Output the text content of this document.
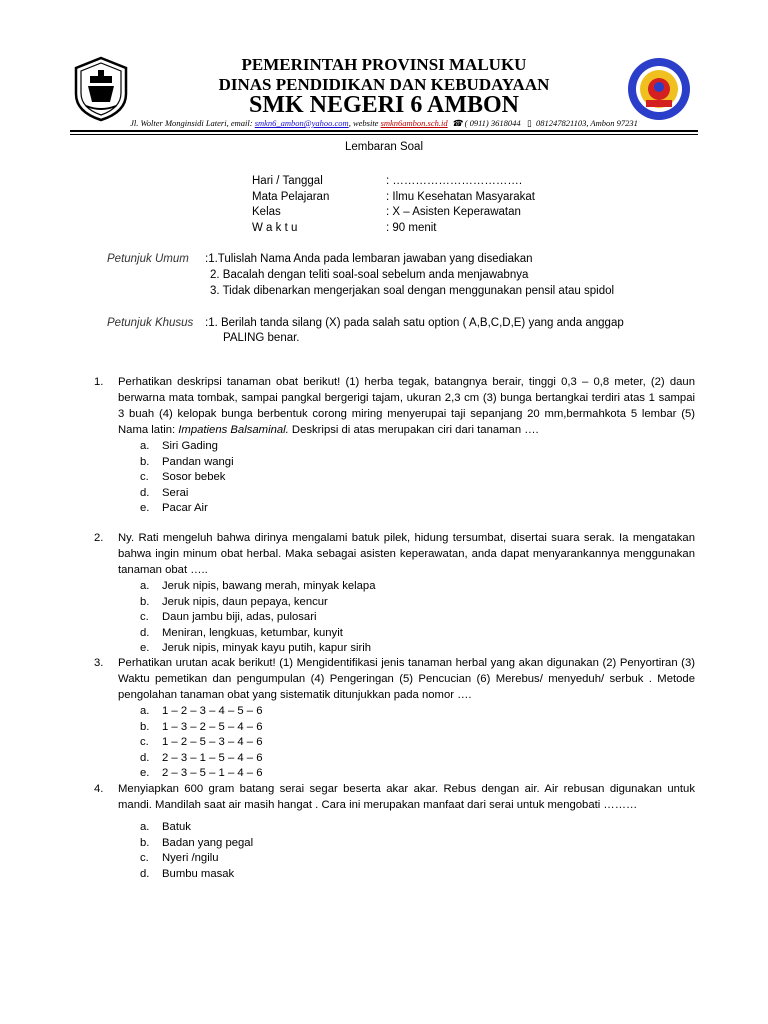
PEMERINTAH PROVINSI MALUKU
DINAS PENDIDIKAN DAN KEBUDAYAAN
SMK NEGERI 6 AMBON
Jl. Wolter Monginsidi Lateri, email: smkn6_ambon@yahoo.com, website smkn6ambon.sch.id ☎ ( 0911) 3618044 ▯ 081247821103, Ambon 97231
Lembaran Soal
Hari / Tanggal	: …………………………….
Mata Pelajaran	: Ilmu Kesehatan Masyarakat
Kelas	: X – Asisten Keperawatan
W a k t u	: 90 menit
Petunjuk Umum :1.Tulislah Nama Anda pada lembaran jawaban yang disediakan
2. Bacalah dengan teliti soal-soal sebelum anda menjawabnya
3. Tidak dibenarkan mengerjakan soal dengan menggunakan pensil atau spidol
Petunjuk Khusus :1. Berilah tanda silang (X) pada salah satu option ( A,B,C,D,E) yang anda anggap
PALING benar.
1.	Perhatikan deskripsi tanaman obat berikut! (1) herba tegak, batangnya berair, tinggi 0,3 – 0,8 meter, (2) daun berwarna mata tombak, sampai pangkal bergerigi tajam, ukuran 2,3 cm (3) bunga bertangkai terdiri atas 1 sampai 3 buah (4) kelopak bunga berbentuk corong miring menyerupai taji sepanjang 20 mm,bermahkota 5 lembar (5) Nama latin: Impatiens Balsaminal. Deskripsi di atas merupakan ciri dari tanaman ….
a. Siri Gading
b. Pandan wangi
c. Sosor bebek
d. Serai
e. Pacar Air
2.	Ny. Rati mengeluh bahwa dirinya mengalami batuk pilek, hidung tersumbat, disertai suara serak. Ia mengatakan bahwa ingin minum obat herbal. Maka sebagai asisten keperawatan, anda dapat menyarankannya menggunakan tanaman obat …..
a. Jeruk nipis, bawang merah, minyak kelapa
b. Jeruk nipis, daun pepaya, kencur
c. Daun jambu biji, adas, pulosari
d. Meniran, lengkuas, ketumbar, kunyit
e. Jeruk nipis, minyak kayu putih, kapur sirih
3.	Perhatikan urutan acak berikut! (1) Mengidentifikasi jenis tanaman herbal yang akan digunakan (2) Penyortiran (3) Waktu pemetikan dan pengumpulan (4) Pengeringan (5) Pencucian (6) Merebus/ menyeduh/ serbuk . Metode pengolahan tanaman obat yang sistematik ditunjukkan pada nomor ….
a. 1 – 2 – 3 – 4 – 5 – 6
b. 1 – 3 – 2 – 5 – 4 – 6
c. 1 – 2 – 5 – 3 – 4 – 6
d. 2 – 3 – 1 – 5 – 4 – 6
e. 2 – 3 – 5 – 1 – 4 – 6
4.	Menyiapkan 600 gram batang serai segar beserta akar akar. Rebus dengan air. Air rebusan digunakan untuk mandi. Mandilah saat air masih hangat . Cara ini merupakan manfaat dari serai untuk mengobati ………
a. Batuk
b. Badan yang pegal
c. Nyeri /ngilu
d. Bumbu masak
